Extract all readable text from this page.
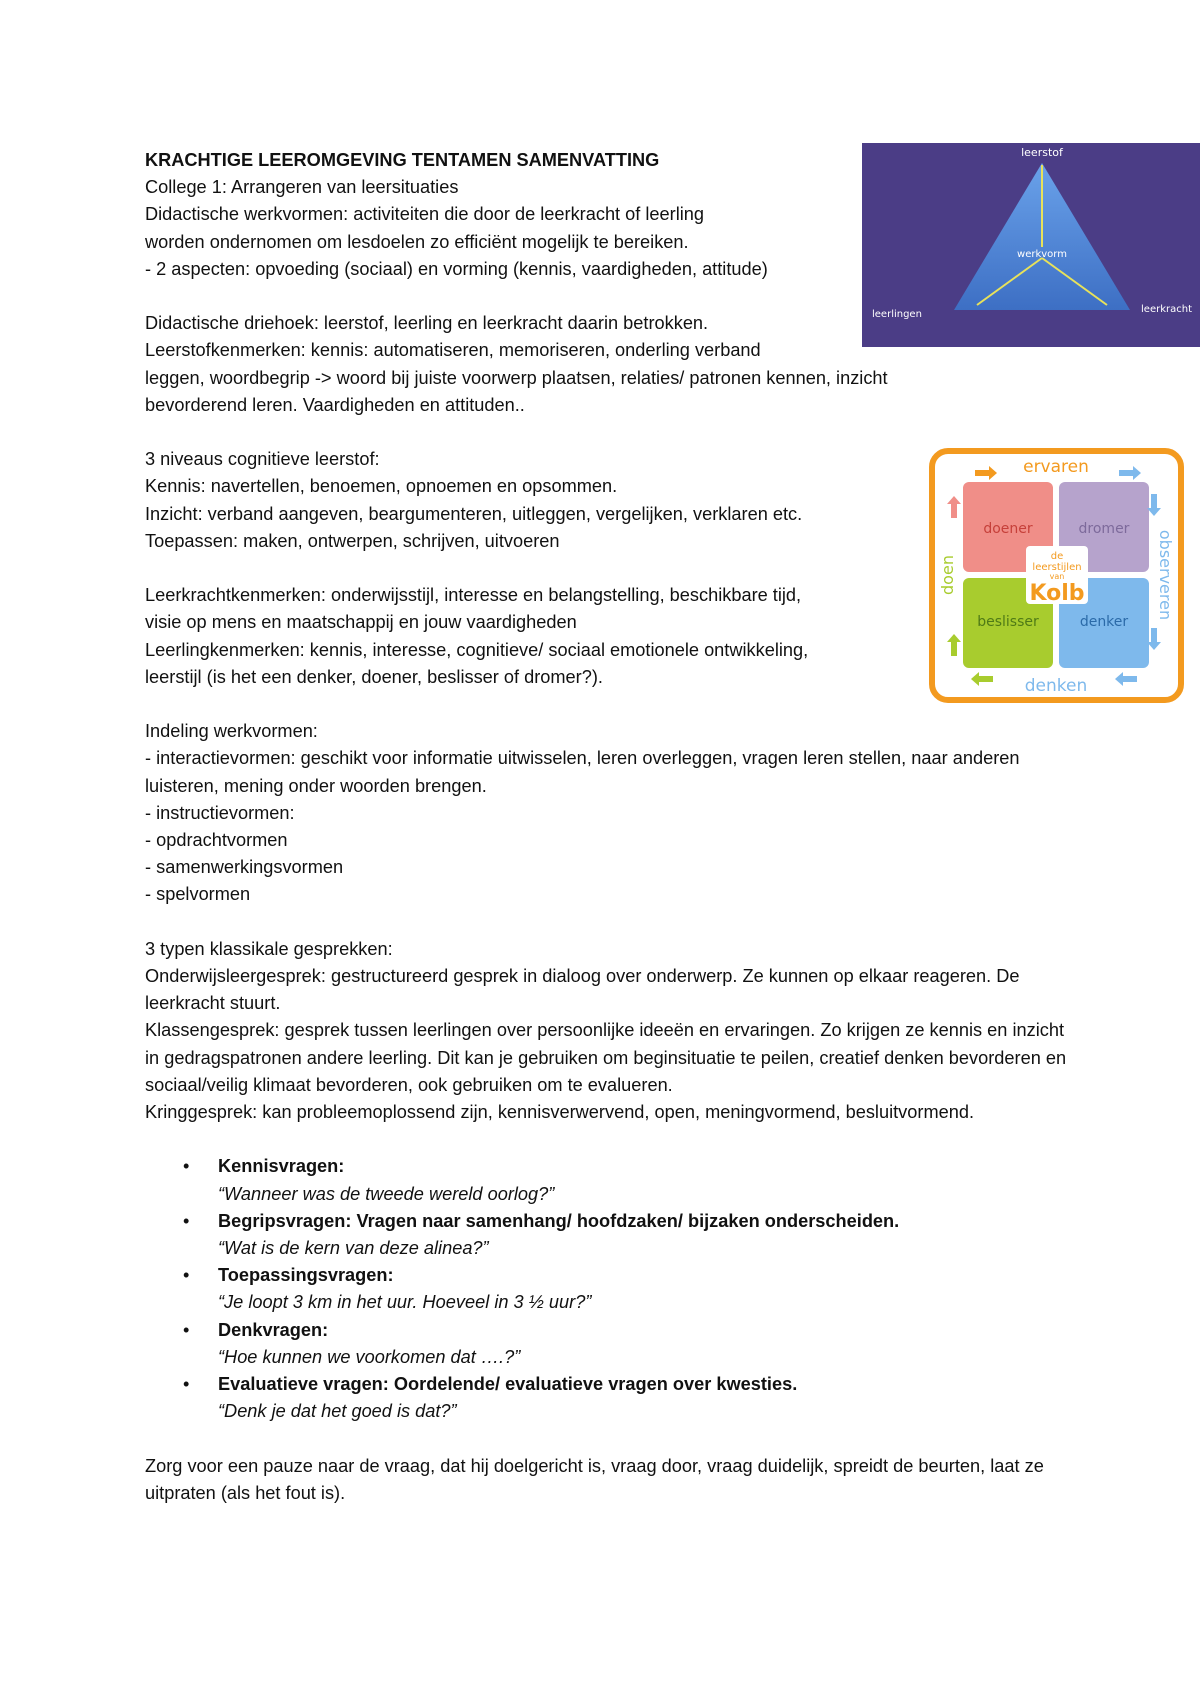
KRACHTIGE LEEROMGEVING TENTAMEN SAMENVATTING

College 1: Arrangeren van leersituaties

Didactische werkvormen: activiteiten die door de leerkracht of leerling

worden ondernomen om lesdoelen zo efficiënt mogelijk te bereiken.

- 2 aspecten: opvoeding (sociaal) en vorming (kennis, vaardigheden, attitude)

Didactische driehoek: leerstof, leerling en leerkracht daarin betrokken.

Leerstofkenmerken: kennis: automatiseren, memoriseren, onderling verband

leggen, woordbegrip -> woord bij juiste voorwerp plaatsen, relaties/ patronen kennen, inzicht

bevorderend leren. Vaardigheden en attituden..

3 niveaus cognitieve leerstof:

Kennis: navertellen, benoemen, opnoemen en opsommen.

Inzicht: verband aangeven, beargumenteren, uitleggen, vergelijken, verklaren etc.

Toepassen: maken, ontwerpen, schrijven, uitvoeren

Leerkrachtkenmerken: onderwijsstijl, interesse en belangstelling, beschikbare tijd,

visie op mens en maatschappij en jouw vaardigheden

Leerlingkenmerken: kennis, interesse, cognitieve/ sociaal emotionele ontwikkeling,

leerstijl (is het een denker, doener, beslisser of dromer?).

Indeling werkvormen:

- interactievormen: geschikt voor informatie uitwisselen, leren overleggen, vragen leren stellen, naar anderen luisteren, mening onder woorden brengen.

- instructievormen:

- opdrachtvormen

- samenwerkingsvormen

- spelvormen

3 typen klassikale gesprekken:

Onderwijsleergesprek: gestructureerd gesprek in dialoog over onderwerp. Ze kunnen op elkaar reageren. De leerkracht stuurt.

Klassengesprek: gesprek tussen leerlingen over persoonlijke ideeën en ervaringen. Zo krijgen ze kennis en inzicht in gedragspatronen andere leerling. Dit kan je gebruiken om beginsituatie te peilen, creatief denken bevorderen en sociaal/veilig klimaat bevorderen, ook gebruiken om te evalueren.

Kringgesprek: kan probleemoplossend zijn, kennisverwervend, open, meningvormend, besluitvormend.

• Kennisvragen:
“Wanneer was de tweede wereld oorlog?”
• Begripsvragen: Vragen naar samenhang/ hoofdzaken/ bijzaken onderscheiden.
“Wat is de kern van deze alinea?”
• Toepassingsvragen:
“Je loopt 3 km in het uur. Hoeveel in 3 ½ uur?”
• Denkvragen:
“Hoe kunnen we voorkomen dat ….?”
• Evaluatieve vragen: Oordelende/ evaluatieve vragen over kwesties.
“Denk je dat het goed is dat?”

Zorg voor een pauze naar de vraag, dat hij doelgericht is, vraag door, vraag duidelijk, spreidt de beurten, laat ze uitpraten (als het fout is).

leerstof
werkvorm
leerlingen	leerkracht
ervaren
denken
doen	observeren
doener	dromer
beslisser	denker
de
leerstijlen
van
Kolb
